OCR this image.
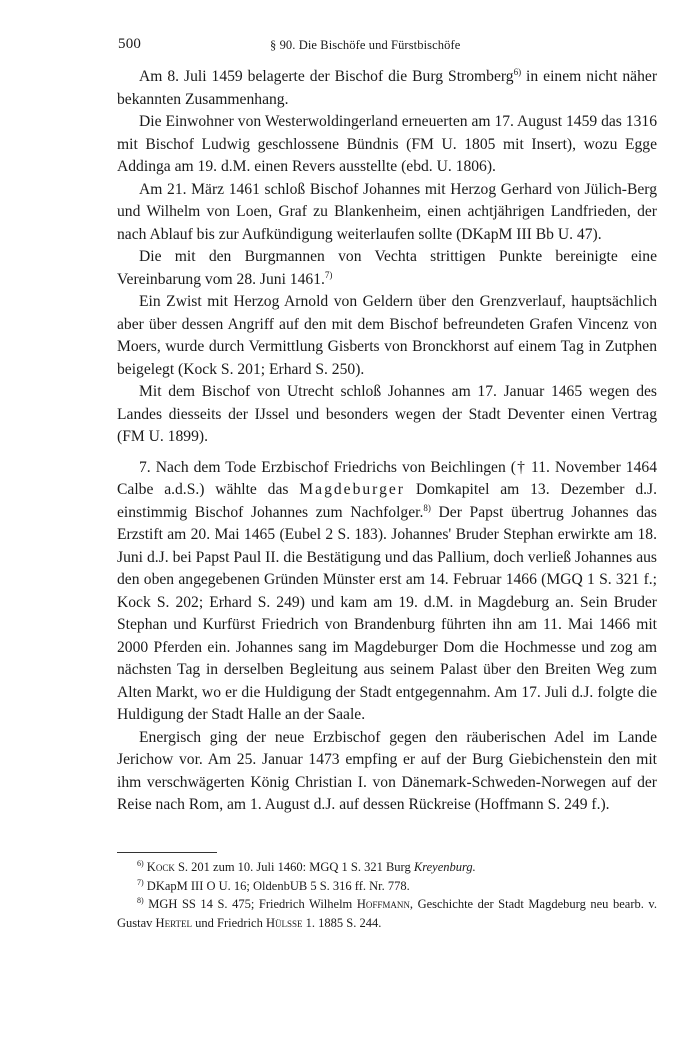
500	§ 90. Die Bischöfe und Fürstbischöfe

Am 8. Juli 1459 belagerte der Bischof die Burg Stromberg$^{6)}$ in einem nicht näher bekannten Zusammenhang.

Die Einwohner von Westerwoldingerland erneuerten am 17. August 1459 das 1316 mit Bischof Ludwig geschlossene Bündnis (FM U. 1805 mit Insert), wozu Egge Addinga am 19. d.M. einen Revers ausstellte (ebd. U. 1806).

Am 21. März 1461 schloß Bischof Johannes mit Herzog Gerhard von Jülich-Berg und Wilhelm von Loen, Graf zu Blankenheim, einen achtjährigen Landfrieden, der nach Ablauf bis zur Aufkündigung weiterlaufen sollte (DKapM III Bb U. 47).

Die mit den Burgmannen von Vechta strittigen Punkte bereinigte eine Vereinbarung vom 28. Juni 1461.$^{7)}$

Ein Zwist mit Herzog Arnold von Geldern über den Grenzverlauf, hauptsächlich aber über dessen Angriff auf den mit dem Bischof befreundeten Grafen Vincenz von Moers, wurde durch Vermittlung Gisberts von Bronckhorst auf einem Tag in Zutphen beigelegt (Kock S. 201; Erhard S. 250).

Mit dem Bischof von Utrecht schloß Johannes am 17. Januar 1465 wegen des Landes diesseits der IJssel und besonders wegen der Stadt Deventer einen Vertrag (FM U. 1899).

7. Nach dem Tode Erzbischof Friedrichs von Beichlingen († 11. November 1464 Calbe a.d.S.) wählte das Magdeburger Domkapitel am 13. Dezember d.J. einstimmig Bischof Johannes zum Nachfolger.$^{8)}$ Der Papst übertrug Johannes das Erzstift am 20. Mai 1465 (Eubel 2 S. 183). Johannes' Bruder Stephan erwirkte am 18. Juni d.J. bei Papst Paul II. die Bestätigung und das Pallium, doch verließ Johannes aus den oben angegebenen Gründen Münster erst am 14. Februar 1466 (MGQ 1 S. 321 f.; Kock S. 202; Erhard S. 249) und kam am 19. d.M. in Magdeburg an. Sein Bruder Stephan und Kurfürst Friedrich von Brandenburg führten ihn am 11. Mai 1466 mit 2000 Pferden ein. Johannes sang im Magdeburger Dom die Hochmesse und zog am nächsten Tag in derselben Begleitung aus seinem Palast über den Breiten Weg zum Alten Markt, wo er die Huldigung der Stadt entgegennahm. Am 17. Juli d.J. folgte die Huldigung der Stadt Halle an der Saale.

Energisch ging der neue Erzbischof gegen den räuberischen Adel im Lande Jerichow vor. Am 25. Januar 1473 empfing er auf der Burg Giebichenstein den mit ihm verschwägerten König Christian I. von Dänemark-Schweden-Norwegen auf der Reise nach Rom, am 1. August d.J. auf dessen Rückreise (Hoffmann S. 249 f.).

$^{6)}$ Kock S. 201 zum 10. Juli 1460: MGQ 1 S. 321 Burg Kreyenburg.

$^{7)}$ DKapM III O U. 16; OldenbUB 5 S. 316 ff. Nr. 778.

$^{8)}$ MGH SS 14 S. 475; Friedrich Wilhelm Hoffmann, Geschichte der Stadt Magdeburg neu bearb. v. Gustav Hertel und Friedrich Hülße 1. 1885 S. 244.
